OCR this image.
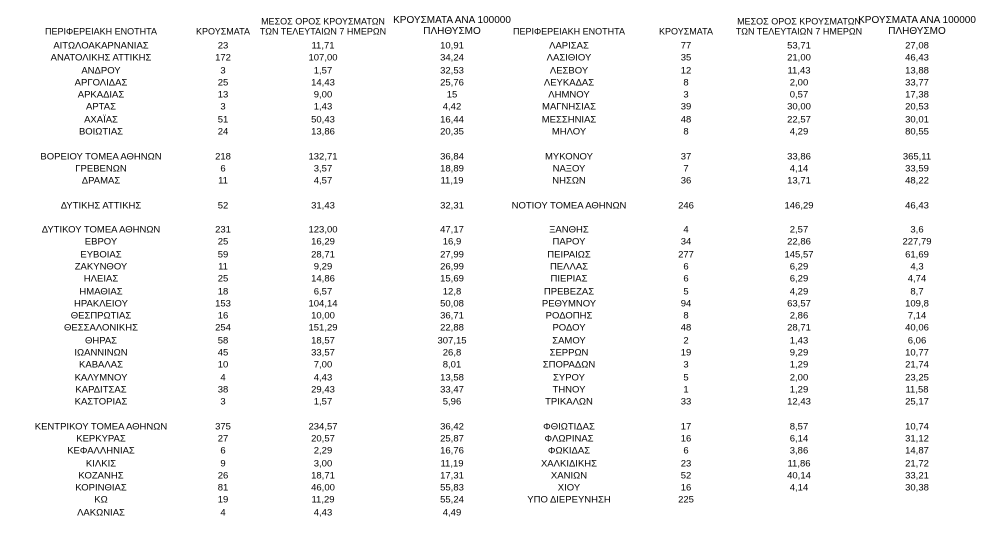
ΠΕΡΙΦΕΡΕΙΑΚΗ ΕΝΟΤΗΤΑ	ΚΡΟΥΣΜΑΤΑ
ΜΕΣΟΣ ΟΡΟΣ ΚΡΟΥΣΜΑΤΩΝ
ΤΩΝ ΤΕΛΕΥΤΑΙΩΝ 7 ΗΜΕΡΩΝ
ΚΡΟΥΣΜΑΤΑ ΑΝΑ 100000
ΠΛΗΘΥΣΜΟ
ΑΙΤΩΛΟΑΚΑΡΝΑΝΙΑΣ	23	11,71	10,91
ΑΝΑΤΟΛΙΚΗΣ ΑΤΤΙΚΗΣ	172	107,00	34,24
ΑΝΔΡΟΥ	3	1,57	32,53
ΑΡΓΟΛΙΔΑΣ	25	14,43	25,76
ΑΡΚΑΔΙΑΣ	13	9,00	15
ΑΡΤΑΣ	3	1,43	4,42
ΑΧΑΪΑΣ	51	50,43	16,44
ΒΟΙΩΤΙΑΣ	24	13,86	20,35
ΒΟΡΕΙΟΥ ΤΟΜΕΑ ΑΘΗΝΩΝ	218	132,71	36,84
ΓΡΕΒΕΝΩΝ	6	3,57	18,89
ΔΡΑΜΑΣ	11	4,57	11,19
ΔΥΤΙΚΗΣ ΑΤΤΙΚΗΣ	52	31,43	32,31
ΔΥΤΙΚΟΥ ΤΟΜΕΑ ΑΘΗΝΩΝ	231	123,00	47,17
ΕΒΡΟΥ	25	16,29	16,9
ΕΥΒΟΙΑΣ	59	28,71	27,99
ΖΑΚΥΝΘΟΥ	11	9,29	26,99
ΗΛΕΙΑΣ	25	14,86	15,69
ΗΜΑΘΙΑΣ	18	6,57	12,8
ΗΡΑΚΛΕΙΟΥ	153	104,14	50,08
ΘΕΣΠΡΩΤΙΑΣ	16	10,00	36,71
ΘΕΣΣΑΛΟΝΙΚΗΣ	254	151,29	22,88
ΘΗΡΑΣ	58	18,57	307,15
ΙΩΑΝΝΙΝΩΝ	45	33,57	26,8
ΚΑΒΑΛΑΣ	10	7,00	8,01
ΚΑΛΥΜΝΟΥ	4	4,43	13,58
ΚΑΡΔΙΤΣΑΣ	38	29,43	33,47
ΚΑΣΤΟΡΙΑΣ	3	1,57	5,96
ΚΕΝΤΡΙΚΟΥ ΤΟΜΕΑ ΑΘΗΝΩΝ	375	234,57	36,42
ΚΕΡΚΥΡΑΣ	27	20,57	25,87
ΚΕΦΑΛΛΗΝΙΑΣ	6	2,29	16,76
ΚΙΛΚΙΣ	9	3,00	11,19
ΚΟΖΑΝΗΣ	26	18,71	17,31
ΚΟΡΙΝΘΙΑΣ	81	46,00	55,83
ΚΩ	19	11,29	55,24
ΛΑΚΩΝΙΑΣ	4	4,43	4,49
ΠΕΡΙΦΕΡΕΙΑΚΗ ΕΝΟΤΗΤΑ	ΚΡΟΥΣΜΑΤΑ
ΜΕΣΟΣ ΟΡΟΣ ΚΡΟΥΣΜΑΤΩΝ
ΤΩΝ ΤΕΛΕΥΤΑΙΩΝ 7 ΗΜΕΡΩΝ
ΚΡΟΥΣΜΑΤΑ ΑΝΑ 100000
ΠΛΗΘΥΣΜΟ
ΛΑΡΙΣΑΣ	77	53,71	27,08
ΛΑΣΙΘΙΟΥ	35	21,00	46,43
ΛΕΣΒΟΥ	12	11,43	13,88
ΛΕΥΚΑΔΑΣ	8	2,00	33,77
ΛΗΜΝΟΥ	3	0,57	17,38
ΜΑΓΝΗΣΙΑΣ	39	30,00	20,53
ΜΕΣΣΗΝΙΑΣ	48	22,57	30,01
ΜΗΛΟΥ	8	4,29	80,55
ΜΥΚΟΝΟΥ	37	33,86	365,11
ΝΑΞΟΥ	7	4,14	33,59
ΝΗΣΩΝ	36	13,71	48,22
ΝΟΤΙΟΥ ΤΟΜΕΑ ΑΘΗΝΩΝ	246	146,29	46,43
ΞΑΝΘΗΣ	4	2,57	3,6
ΠΑΡΟΥ	34	22,86	227,79
ΠΕΙΡΑΙΩΣ	277	145,57	61,69
ΠΕΛΛΑΣ	6	6,29	4,3
ΠΙΕΡΙΑΣ	6	6,29	4,74
ΠΡΕΒΕΖΑΣ	5	4,29	8,7
ΡΕΘΥΜΝΟΥ	94	63,57	109,8
ΡΟΔΟΠΗΣ	8	2,86	7,14
ΡΟΔΟΥ	48	28,71	40,06
ΣΑΜΟΥ	2	1,43	6,06
ΣΕΡΡΩΝ	19	9,29	10,77
ΣΠΟΡΑΔΩΝ	3	1,29	21,74
ΣΥΡΟΥ	5	2,00	23,25
ΤΗΝΟΥ	1	1,29	11,58
ΤΡΙΚΑΛΩΝ	33	12,43	25,17
ΦΘΙΩΤΙΔΑΣ	17	8,57	10,74
ΦΛΩΡΙΝΑΣ	16	6,14	31,12
ΦΩΚΙΔΑΣ	6	3,86	14,87
ΧΑΛΚΙΔΙΚΗΣ	23	11,86	21,72
ΧΑΝΙΩΝ	52	40,14	33,21
ΧΙΟΥ	16	4,14	30,38
ΥΠΟ ΔΙΕΡΕΥΝΗΣΗ	225
